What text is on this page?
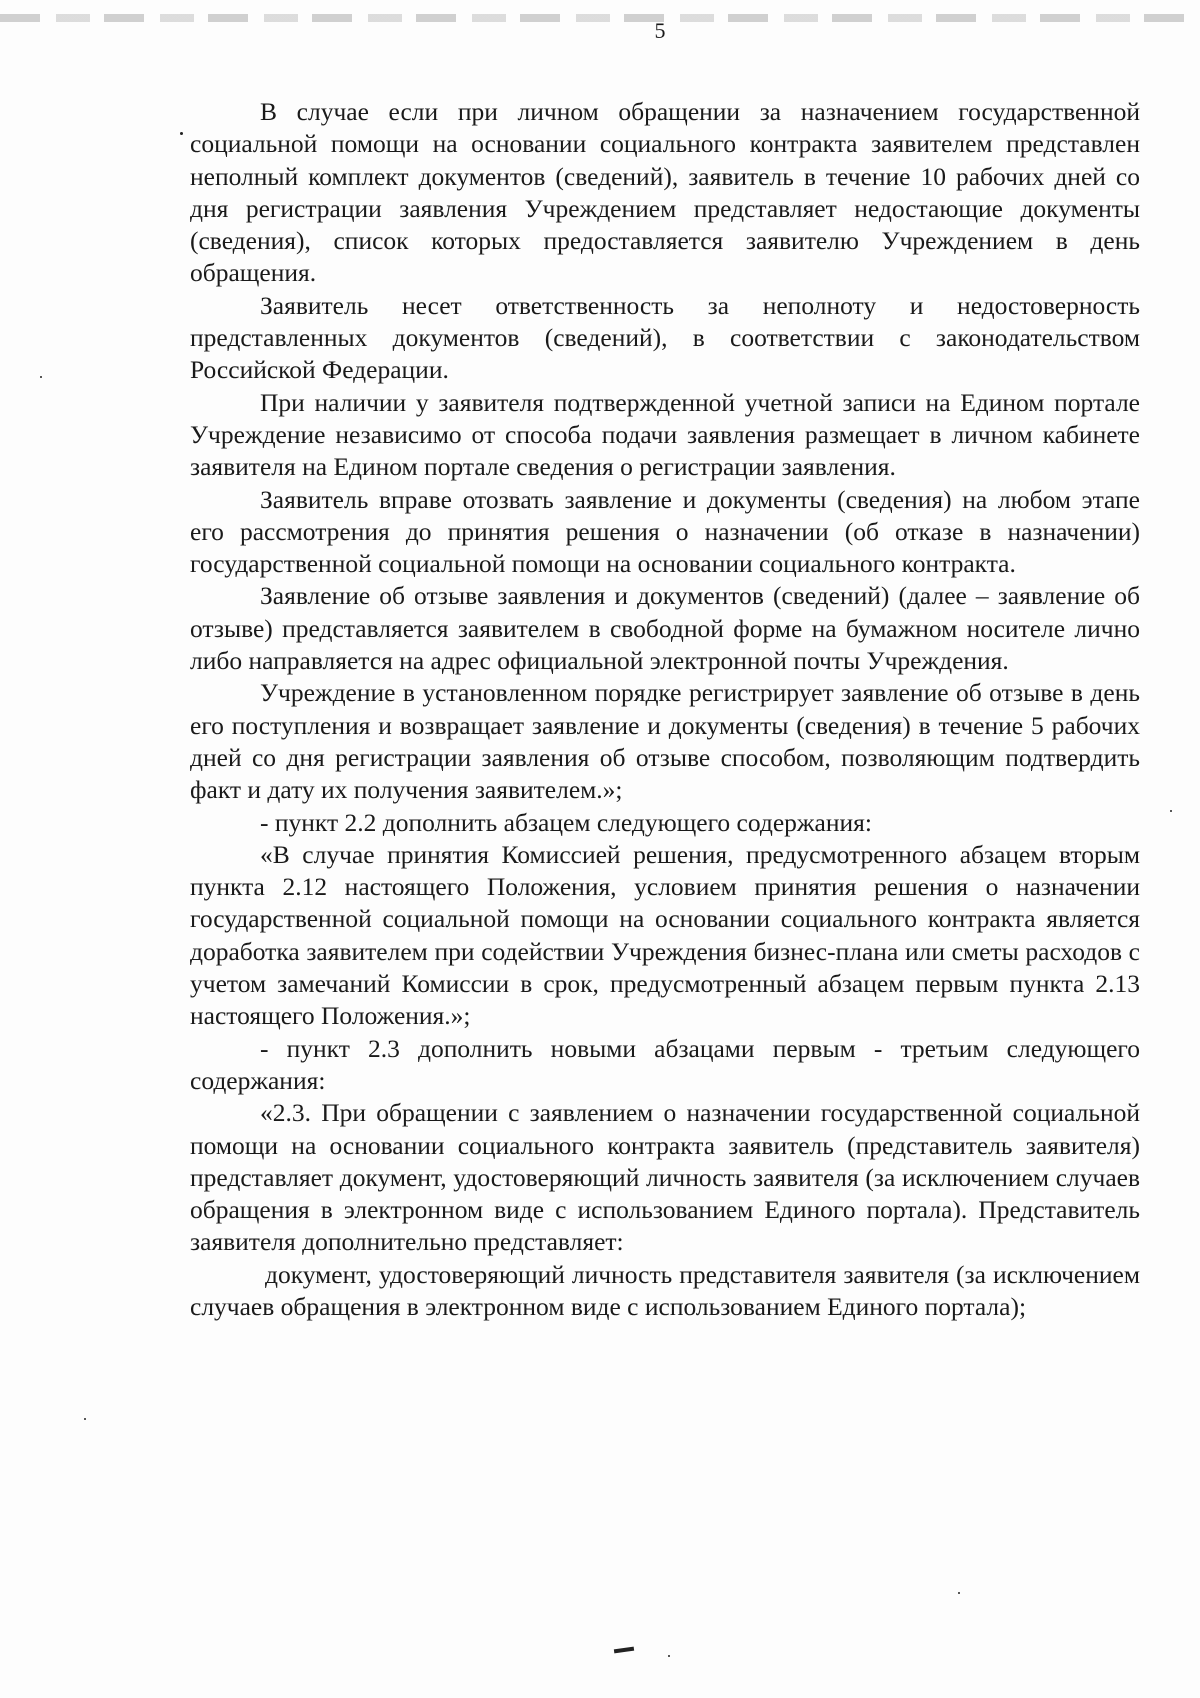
5

В случае если при личном обращении за назначением государственной социальной помощи на основании социального контракта заявителем представлен неполный комплект документов (сведений), заявитель в течение 10 рабочих дней со дня регистрации заявления Учреждением представляет недостающие документы (сведения), список которых предоставляется заявителю Учреждением в день обращения.

Заявитель несет ответственность за неполноту и недостоверность представленных документов (сведений), в соответствии с законодательством Российской Федерации.

При наличии у заявителя подтвержденной учетной записи на Едином портале Учреждение независимо от способа подачи заявления размещает в личном кабинете заявителя на Едином портале сведения о регистрации заявления.

Заявитель вправе отозвать заявление и документы (сведения) на любом этапе его рассмотрения до принятия решения о назначении (об отказе в назначении) государственной социальной помощи на основании социального контракта.

Заявление об отзыве заявления и документов (сведений) (далее – заявление об отзыве) представляется заявителем в свободной форме на бумажном носителе лично либо направляется на адрес официальной электронной почты Учреждения.

Учреждение в установленном порядке регистрирует заявление об отзыве в день его поступления и возвращает заявление и документы (сведения) в течение 5 рабочих дней со дня регистрации заявления об отзыве способом, позволяющим подтвердить факт и дату их получения заявителем.»;

- пункт 2.2 дополнить абзацем следующего содержания:

«В случае принятия Комиссией решения, предусмотренного абзацем вторым пункта 2.12 настоящего Положения, условием принятия решения о назначении государственной социальной помощи на основании социального контракта является доработка заявителем при содействии Учреждения бизнес-плана или сметы расходов с учетом замечаний Комиссии в срок, предусмотренный абзацем первым пункта 2.13 настоящего Положения.»;

- пункт 2.3 дополнить новыми абзацами первым - третьим следующего содержания:

«2.3. При обращении с заявлением о назначении государственной социальной помощи на основании социального контракта заявитель (представитель заявителя) представляет документ, удостоверяющий личность заявителя (за исключением случаев обращения в электронном виде с использованием Единого портала). Представитель заявителя дополнительно представляет:

документ, удостоверяющий личность представителя заявителя (за исключением случаев обращения в электронном виде с использованием Единого портала);
